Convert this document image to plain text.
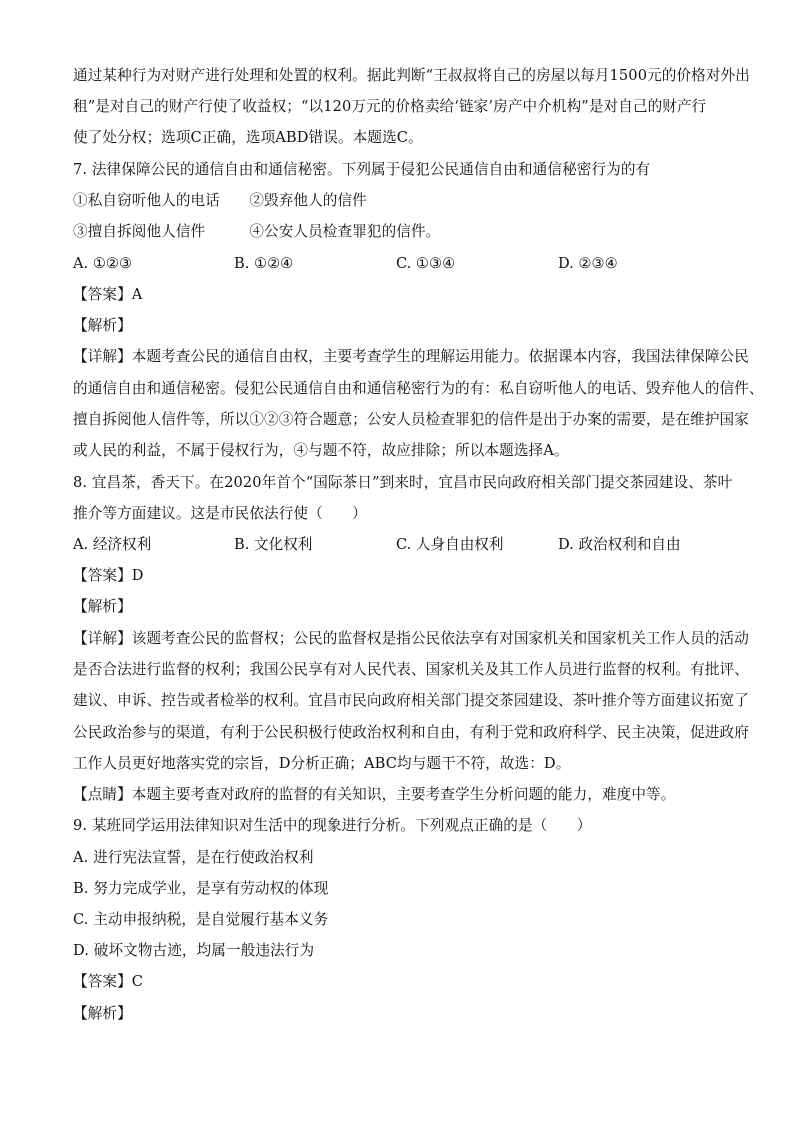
通过某种行为对财产进行处理和处置的权利。据此判断“王叔叔将自己的房屋以每月1500元的价格对外出
租”是对自己的财产行使了收益权；“以120万元的价格卖给‘链家’房产中介机构”是对自己的财产行
使了处分权；选项C正确，选项ABD错误。本题选C。
7. 法律保障公民的通信自由和通信秘密。下列属于侵犯公民通信自由和通信秘密行为的有
①私自窃听他人的电话　　②毁弃他人的信件
③擅自拆阅他人信件　　　④公安人员检查罪犯的信件。
A. ①②③	B. ①②④	C. ①③④	D. ②③④
【答案】A
【解析】
【详解】本题考查公民的通信自由权，主要考查学生的理解运用能力。依据课本内容，我国法律保障公民
的通信自由和通信秘密。侵犯公民通信自由和通信秘密行为的有：私自窃听他人的电话、毁弃他人的信件、
擅自拆阅他人信件等，所以①②③符合题意；公安人员检查罪犯的信件是出于办案的需要，是在维护国家
或人民的利益，不属于侵权行为，④与题不符，故应排除；所以本题选择A。
8. 宜昌茶，香天下。在2020年首个“国际茶日”到来时，宜昌市民向政府相关部门提交茶园建设、茶叶
推介等方面建议。这是市民依法行使（　　）
A. 经济权利	B. 文化权利	C. 人身自由权利	D. 政治权利和自由
【答案】D
【解析】
【详解】该题考查公民的监督权；公民的监督权是指公民依法享有对国家机关和国家机关工作人员的活动
是否合法进行监督的权利；我国公民享有对人民代表、国家机关及其工作人员进行监督的权利。有批评、
建议、申诉、控告或者检举的权利。宜昌市民向政府相关部门提交茶园建设、茶叶推介等方面建议拓宽了
公民政治参与的渠道，有利于公民积极行使政治权利和自由，有利于党和政府科学、民主决策，促进政府
工作人员更好地落实党的宗旨，D分析正确；ABC均与题干不符，故选：D。
【点睛】本题主要考查对政府的监督的有关知识，主要考查学生分析问题的能力，难度中等。
9. 某班同学运用法律知识对生活中的现象进行分析。下列观点正确的是（　　）
A. 进行宪法宣誓，是在行使政治权利
B. 努力完成学业，是享有劳动权的体现
C. 主动申报纳税，是自觉履行基本义务
D. 破坏文物古迹，均属一般违法行为
【答案】C
【解析】
